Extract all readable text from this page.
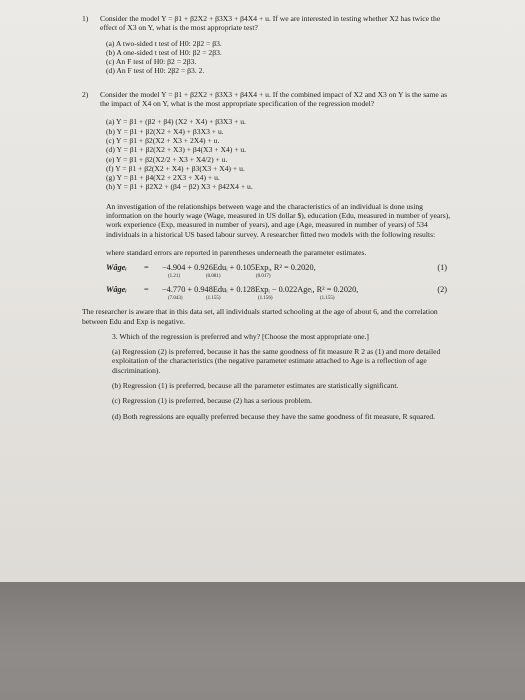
1)	Consider the model Y = β1 + β2X2 + β3X3 + β4X4 + u. If we are interested in testing whether X2 has twice the effect of X3 on Y, what is the most appropriate test?
(a) A two-sided t test of H0: 2β2 = β3.
(b) A one-sided t test of H0: β2 = 2β3.
(c) An F test of H0: β2 = 2β3.
(d) An F test of H0: 2β2 = β3. 2.
2)	Consider the model Y = β1 + β2X2 + β3X3 + β4X4 + u. If the combined impact of X2 and X3 on Y is the same as the impact of X4 on Y, what is the most appropriate specification of the regression model?
(a) Y = β1 + (β2 + β4) (X2 + X4) + β3X3 + u.
(b) Y = β1 + β2(X2 + X4) + β3X3 + u.
(c) Y = β1 + β2(X2 + X3 + 2X4) + u.
(d) Y = β1 + β2(X2 + X3) + β4(X3 + X4) + u.
(e) Y = β1 + β2(X2/2 + X3 + X4/2) + u.
(f) Y = β1 + β2(X2 + X4) + β3(X3 + X4) + u.
(g) Y = β1 + β4(X2 + 2X3 + X4) + u.
(h) Y = β1 + β2X2 + (β4 − β2) X3 + β42X4 + u.
An investigation of the relationships between wage and the characteristics of an individual is done using information on the hourly wage (Wage, measured in US dollar $), education (Edu, measured in number of years), work experience (Exp, measured in number of years), and age (Age, measured in number of years) of 534 individuals in a historical US based labour survey. A researcher fitted two models with the following results:
where standard errors are reported in parentheses underneath the parameter estimates.
Wâgeᵢ = −4.904 + 0.926Eduᵢ + 0.105Expᵢ, R² = 0.2020,
(1.21)	(0.081)	(0.017)
(1)
Wâgeᵢ = −4.770 + 0.948Eduᵢ + 0.128Expᵢ − 0.022Ageᵢ, R² = 0.2020,
(7.043)	(1.155)	(1.156)	(1.155)
(2)
The researcher is aware that in this data set, all individuals started schooling at the age of about 6, and the correlation between Edu and Exp is negative.
3. Which of the regression is preferred and why? [Choose the most appropriate one.]
(a) Regression (2) is preferred, because it has the same goodness of fit measure R 2 as (1) and more detailed exploitation of the characteristics (the negative parameter estimate attached to Age is a reflection of age discrimination).
(b) Regression (1) is preferred, because all the parameter estimates are statistically significant.
(c) Regression (1) is preferred, because (2) has a serious problem.
(d) Both regressions are equally preferred because they have the same goodness of fit measure, R squared.
